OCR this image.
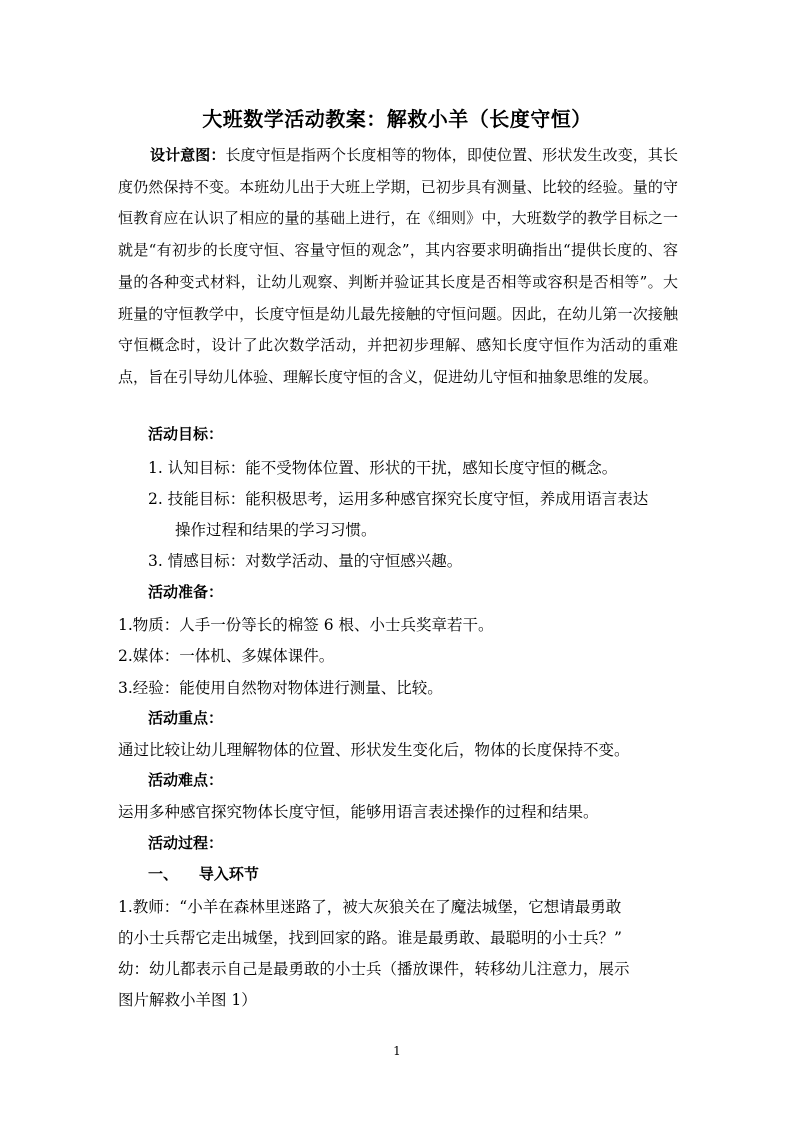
大班数学活动教案：解救小羊（长度守恒）
设计意图：长度守恒是指两个长度相等的物体，即使位置、形状发生改变，其长度仍然保持不变。本班幼儿出于大班上学期，已初步具有测量、比较的经验。量的守恒教育应在认识了相应的量的基础上进行，在《细则》中，大班数学的教学目标之一就是“有初步的长度守恒、容量守恒的观念”，其内容要求明确指出“提供长度的、容量的各种变式材料，让幼儿观察、判断并验证其长度是否相等或容积是否相等”。大班量的守恒教学中，长度守恒是幼儿最先接触的守恒问题。因此，在幼儿第一次接触守恒概念时，设计了此次数学活动，并把初步理解、感知长度守恒作为活动的重难点，旨在引导幼儿体验、理解长度守恒的含义，促进幼儿守恒和抽象思维的发展。
活动目标：
1. 认知目标：能不受物体位置、形状的干扰，感知长度守恒的概念。
2. 技能目标：能积极思考，运用多种感官探究长度守恒，养成用语言表达
操作过程和结果的学习习惯。
3. 情感目标：对数学活动、量的守恒感兴趣。
活动准备：
1.物质：人手一份等长的棉签 6 根、小士兵奖章若干。
2.媒体：一体机、多媒体课件。
3.经验：能使用自然物对物体进行测量、比较。
活动重点：
通过比较让幼儿理解物体的位置、形状发生变化后，物体的长度保持不变。
活动难点：
运用多种感官探究物体长度守恒，能够用语言表述操作的过程和结果。
活动过程：
一、    导入环节
1.教师：“小羊在森林里迷路了，被大灰狼关在了魔法城堡，它想请最勇敢
的小士兵帮它走出城堡，找到回家的路。谁是最勇敢、最聪明的小士兵？”
幼：幼儿都表示自己是最勇敢的小士兵（播放课件，转移幼儿注意力，展示
图片解救小羊图 1）
1
